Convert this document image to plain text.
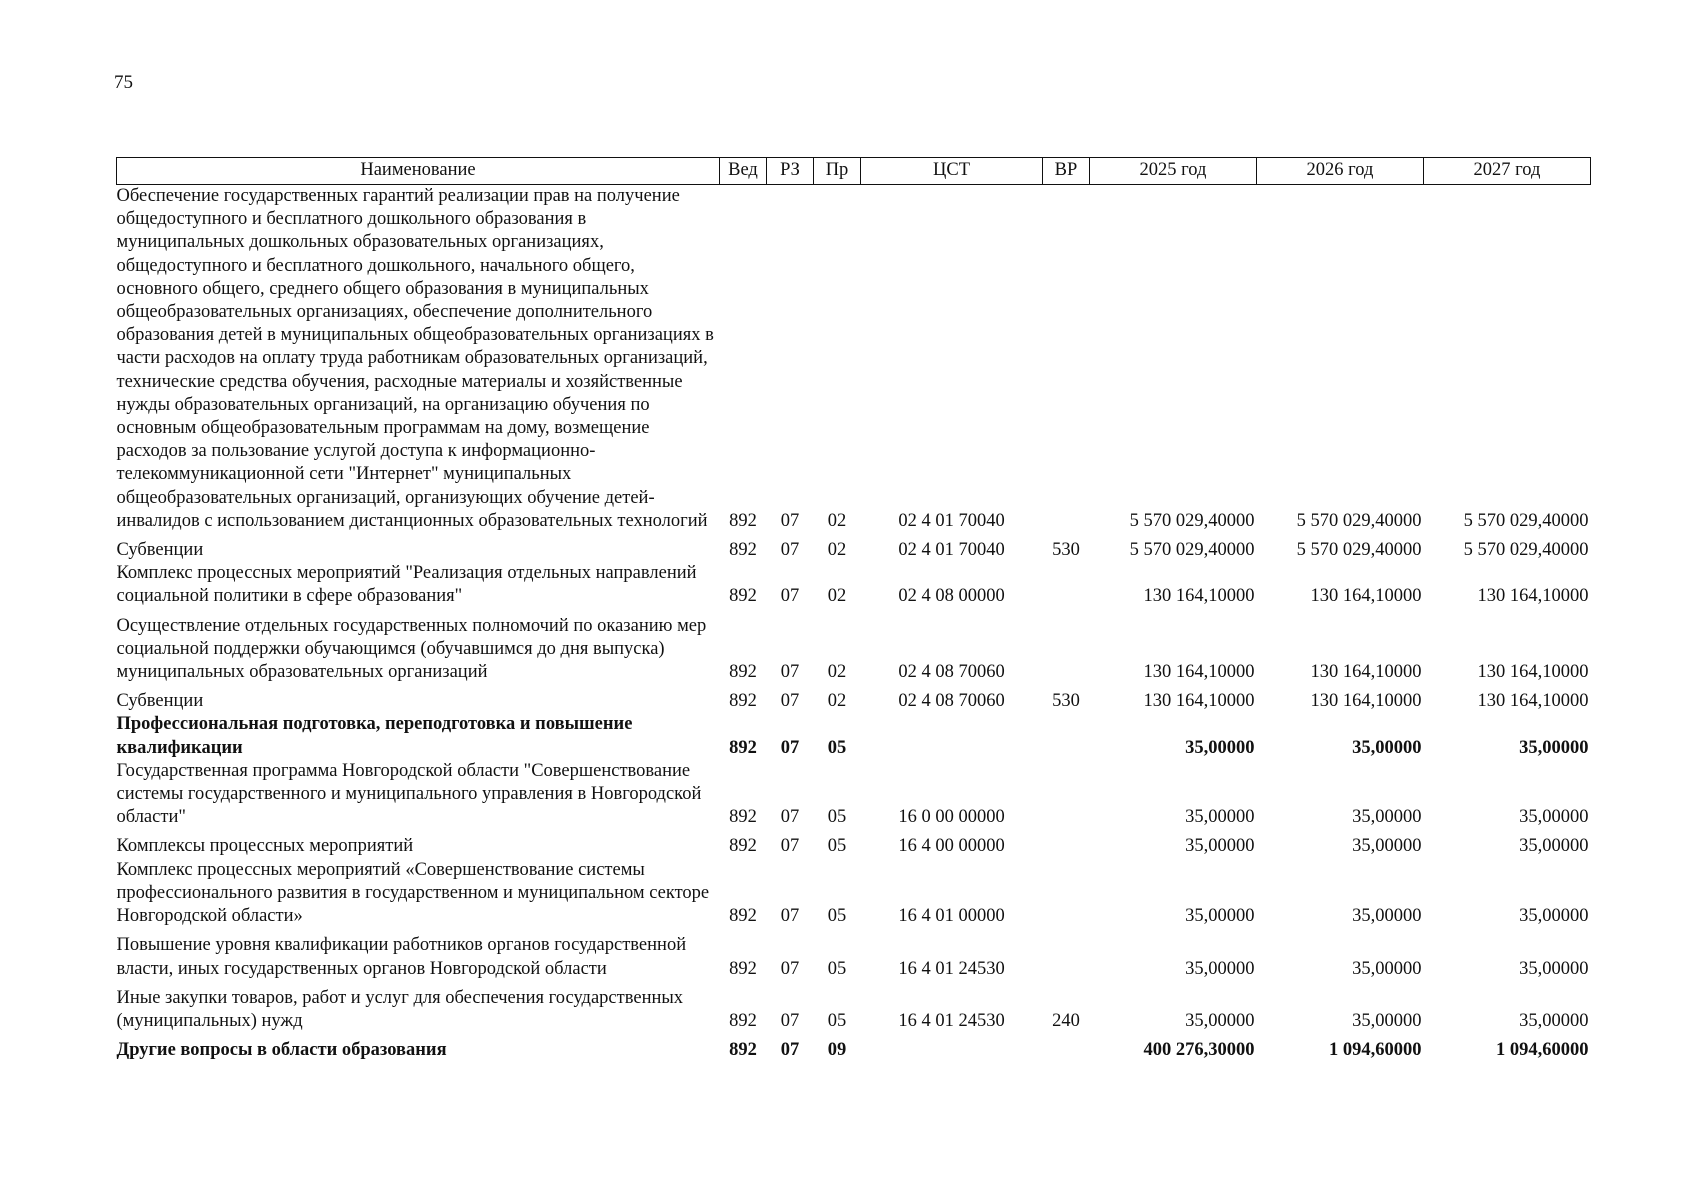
75
Наименование	Вед	РЗ	Пр	ЦСТ	ВР	2025 год	2026 год	2027 год
Обеспечение государственных гарантий реализации прав на получение общедоступного и бесплатного дошкольного образования в муниципальных дошкольных образовательных организациях, общедоступного и бесплатного дошкольного, начального общего, основного общего, среднего общего образования в муниципальных общеобразовательных организациях, обеспечение дополнительного образования детей в муниципальных общеобразовательных организациях в части расходов на оплату труда работникам образовательных организаций, технические средства обучения, расходные материалы и хозяйственные нужды образовательных организаций, на организацию обучения по основным общеобразовательным программам на дому, возмещение расходов за пользование услугой доступа к информационно-телекоммуникационной сети "Интернет" муниципальных общеобразовательных организаций, организующих обучение детей-инвалидов с использованием дистанционных образовательных технологий	892	07	02	02 4 01 70040		5 570 029,40000	5 570 029,40000	5 570 029,40000
Субвенции	892	07	02	02 4 01 70040	530	5 570 029,40000	5 570 029,40000	5 570 029,40000
Комплекс процессных мероприятий "Реализация отдельных направлений социальной политики в сфере образования"	892	07	02	02 4 08 00000		130 164,10000	130 164,10000	130 164,10000
Осуществление отдельных государственных полномочий по оказанию мер социальной поддержки обучающимся (обучавшимся до дня выпуска) муниципальных образовательных организаций	892	07	02	02 4 08 70060		130 164,10000	130 164,10000	130 164,10000
Субвенции	892	07	02	02 4 08 70060	530	130 164,10000	130 164,10000	130 164,10000
Профессиональная подготовка, переподготовка и повышение квалификации	892	07	05			35,00000	35,00000	35,00000
Государственная программа Новгородской области "Совершенствование системы государственного и муниципального управления в Новгородской области"	892	07	05	16 0 00 00000		35,00000	35,00000	35,00000
Комплексы процессных мероприятий	892	07	05	16 4 00 00000		35,00000	35,00000	35,00000
Комплекс процессных мероприятий «Совершенствование системы профессионального развития в государственном и муниципальном секторе Новгородской области»	892	07	05	16 4 01 00000		35,00000	35,00000	35,00000
Повышение уровня квалификации работников органов государственной власти, иных государственных органов Новгородской области	892	07	05	16 4 01 24530		35,00000	35,00000	35,00000
Иные закупки товаров, работ и услуг для обеспечения государственных (муниципальных) нужд	892	07	05	16 4 01 24530	240	35,00000	35,00000	35,00000
Другие вопросы в области образования	892	07	09			400 276,30000	1 094,60000	1 094,60000
